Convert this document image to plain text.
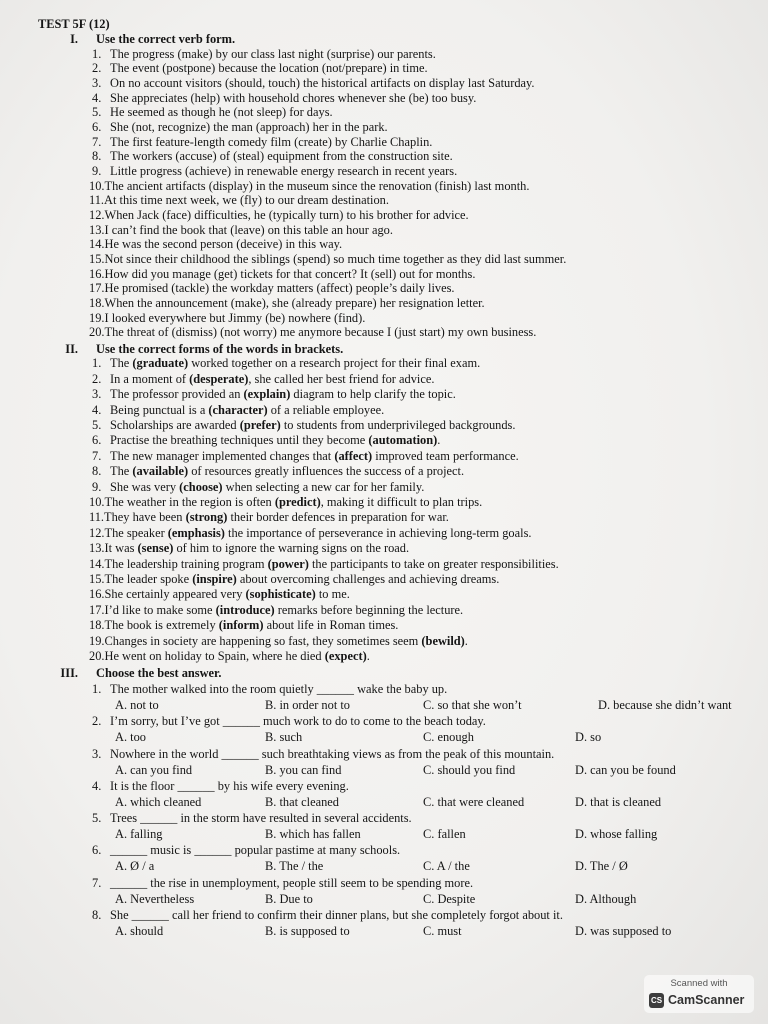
TEST 5F (12)
I. Use the correct verb form.
1. The progress (make) by our class last night (surprise) our parents.
2. The event (postpone) because the location (not/prepare) in time.
3. On no account visitors (should, touch) the historical artifacts on display last Saturday.
4. She appreciates (help) with household chores whenever she (be) too busy.
5. He seemed as though he (not sleep) for days.
6. She (not, recognize) the man (approach) her in the park.
7. The first feature-length comedy film (create) by Charlie Chaplin.
8. The workers (accuse) of (steal) equipment from the construction site.
9. Little progress (achieve) in renewable energy research in recent years.
10.The ancient artifacts (display) in the museum since the renovation (finish) last month.
11.At this time next week, we (fly) to our dream destination.
12.When Jack (face) difficulties, he (typically turn) to his brother for advice.
13.I can’t find the book that (leave) on this table an hour ago.
14.He was the second person (deceive) in this way.
15.Not since their childhood the siblings (spend) so much time together as they did last summer.
16.How did you manage (get) tickets for that concert? It (sell) out for months.
17.He promised (tackle) the workday matters (affect) people’s daily lives.
18.When the announcement (make), she (already prepare) her resignation letter.
19.I looked everywhere but Jimmy (be) nowhere (find).
20.The threat of (dismiss) (not worry) me anymore because I (just start) my own business.
II. Use the correct forms of the words in brackets.
1. The (graduate) worked together on a research project for their final exam.
2. In a moment of (desperate), she called her best friend for advice.
3. The professor provided an (explain) diagram to help clarify the topic.
4. Being punctual is a (character) of a reliable employee.
5. Scholarships are awarded (prefer) to students from underprivileged backgrounds.
6. Practise the breathing techniques until they become (automation).
7. The new manager implemented changes that (affect) improved team performance.
8. The (available) of resources greatly influences the success of a project.
9. She was very (choose) when selecting a new car for her family.
10.The weather in the region is often (predict), making it difficult to plan trips.
11.They have been (strong) their border defences in preparation for war.
12.The speaker (emphasis) the importance of perseverance in achieving long-term goals.
13.It was (sense) of him to ignore the warning signs on the road.
14.The leadership training program (power) the participants to take on greater responsibilities.
15.The leader spoke (inspire) about overcoming challenges and achieving dreams.
16.She certainly appeared very (sophisticate) to me.
17.I’d like to make some (introduce) remarks before beginning the lecture.
18.The book is extremely (inform) about life in Roman times.
19.Changes in society are happening so fast, they sometimes seem (bewild).
20.He went on holiday to Spain, where he died (expect).
III. Choose the best answer.
1. The mother walked into the room quietly ______ wake the baby up.
A. not to	B. in order not to	C. so that she won’t	D. because she didn’t want
2. I’m sorry, but I’ve got ______ much work to do to come to the beach today.
A. too	B. such	C. enough	D. so
3. Nowhere in the world ______ such breathtaking views as from the peak of this mountain.
A. can you find	B. you can find	C. should you find	D. can you be found
4. It is the floor ______ by his wife every evening.
A. which cleaned	B. that cleaned	C. that were cleaned	D. that is cleaned
5. Trees ______ in the storm have resulted in several accidents.
A. falling	B. which has fallen	C. fallen	D. whose falling
6. ______ music is ______ popular pastime at many schools.
A. Ø / a	B. The / the	C. A / the	D. The / Ø
7. ______ the rise in unemployment, people still seem to be spending more.
A. Nevertheless	B. Due to	C. Despite	D. Although
8. She ______ call her friend to confirm their dinner plans, but she completely forgot about it.
A. should	B. is supposed to	C. must	D. was supposed to
Scanned with
CS CamScanner
